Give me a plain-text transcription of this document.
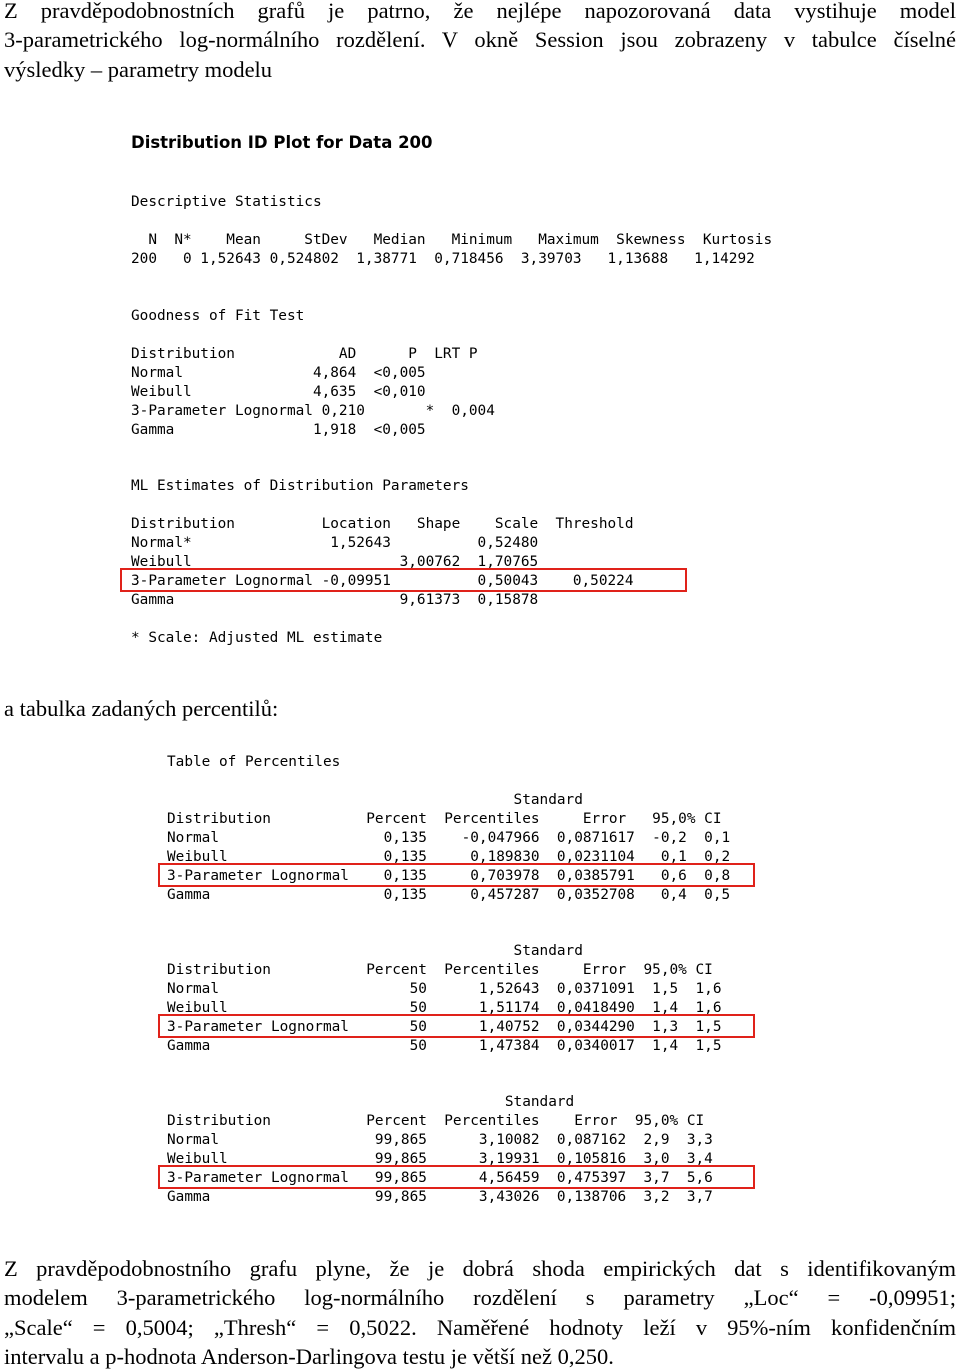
Z pravděpodobnostních grafů je patrno, že nejlépe napozorovaná data vystihuje model
3-parametrického log-normálního rozdělení. V okně Session jsou zobrazeny v tabulce číselné
výsledky – parametry modelu
Distribution ID Plot for Data 200
Descriptive Statistics
N  N*    Mean     StDev   Median   Minimum   Maximum  Skewness  Kurtosis
200   0 1,52643 0,524802  1,38771  0,718456  3,39703   1,13688   1,14292
Goodness of Fit Test
Distribution            AD      P  LRT P
Normal               4,864  <0,005
Weibull              4,635  <0,010
3-Parameter Lognormal 0,210       *  0,004
Gamma                1,918  <0,005
ML Estimates of Distribution Parameters
Distribution          Location   Shape    Scale  Threshold
Normal*                1,52643          0,52480
Weibull                        3,00762  1,70765
3-Parameter Lognormal -0,09951          0,50043    0,50224
Gamma                          9,61373  0,15878
* Scale: Adjusted ML estimate
a tabulka zadaných percentilů:
Table of Percentiles
Standard
Distribution           Percent  Percentiles     Error   95,0% CI
Normal                   0,135    -0,047966  0,0871617  -0,2  0,1
Weibull                  0,135     0,189830  0,0231104   0,1  0,2
3-Parameter Lognormal    0,135     0,703978  0,0385791   0,6  0,8
Gamma                    0,135     0,457287  0,0352708   0,4  0,5
Standard
Distribution           Percent  Percentiles     Error  95,0% CI
Normal                      50      1,52643  0,0371091  1,5  1,6
Weibull                     50      1,51174  0,0418490  1,4  1,6
3-Parameter Lognormal       50      1,40752  0,0344290  1,3  1,5
Gamma                       50      1,47384  0,0340017  1,4  1,5
Standard
Distribution           Percent  Percentiles    Error  95,0% CI
Normal                  99,865      3,10082  0,087162  2,9  3,3
Weibull                 99,865      3,19931  0,105816  3,0  3,4
3-Parameter Lognormal   99,865      4,56459  0,475397  3,7  5,6
Gamma                   99,865      3,43026  0,138706  3,2  3,7
Z pravděpodobnostního grafu plyne, že je dobrá shoda empirických dat s identifikovaným
modelem 3-parametrického log-normálního rozdělení s parametry „Loc“ = -0,09951;
„Scale“ = 0,5004; „Thresh“ = 0,5022. Naměřené hodnoty leží v 95%-ním konfidenčním
intervalu a p-hodnota Anderson-Darlingova testu je větší než 0,250.
